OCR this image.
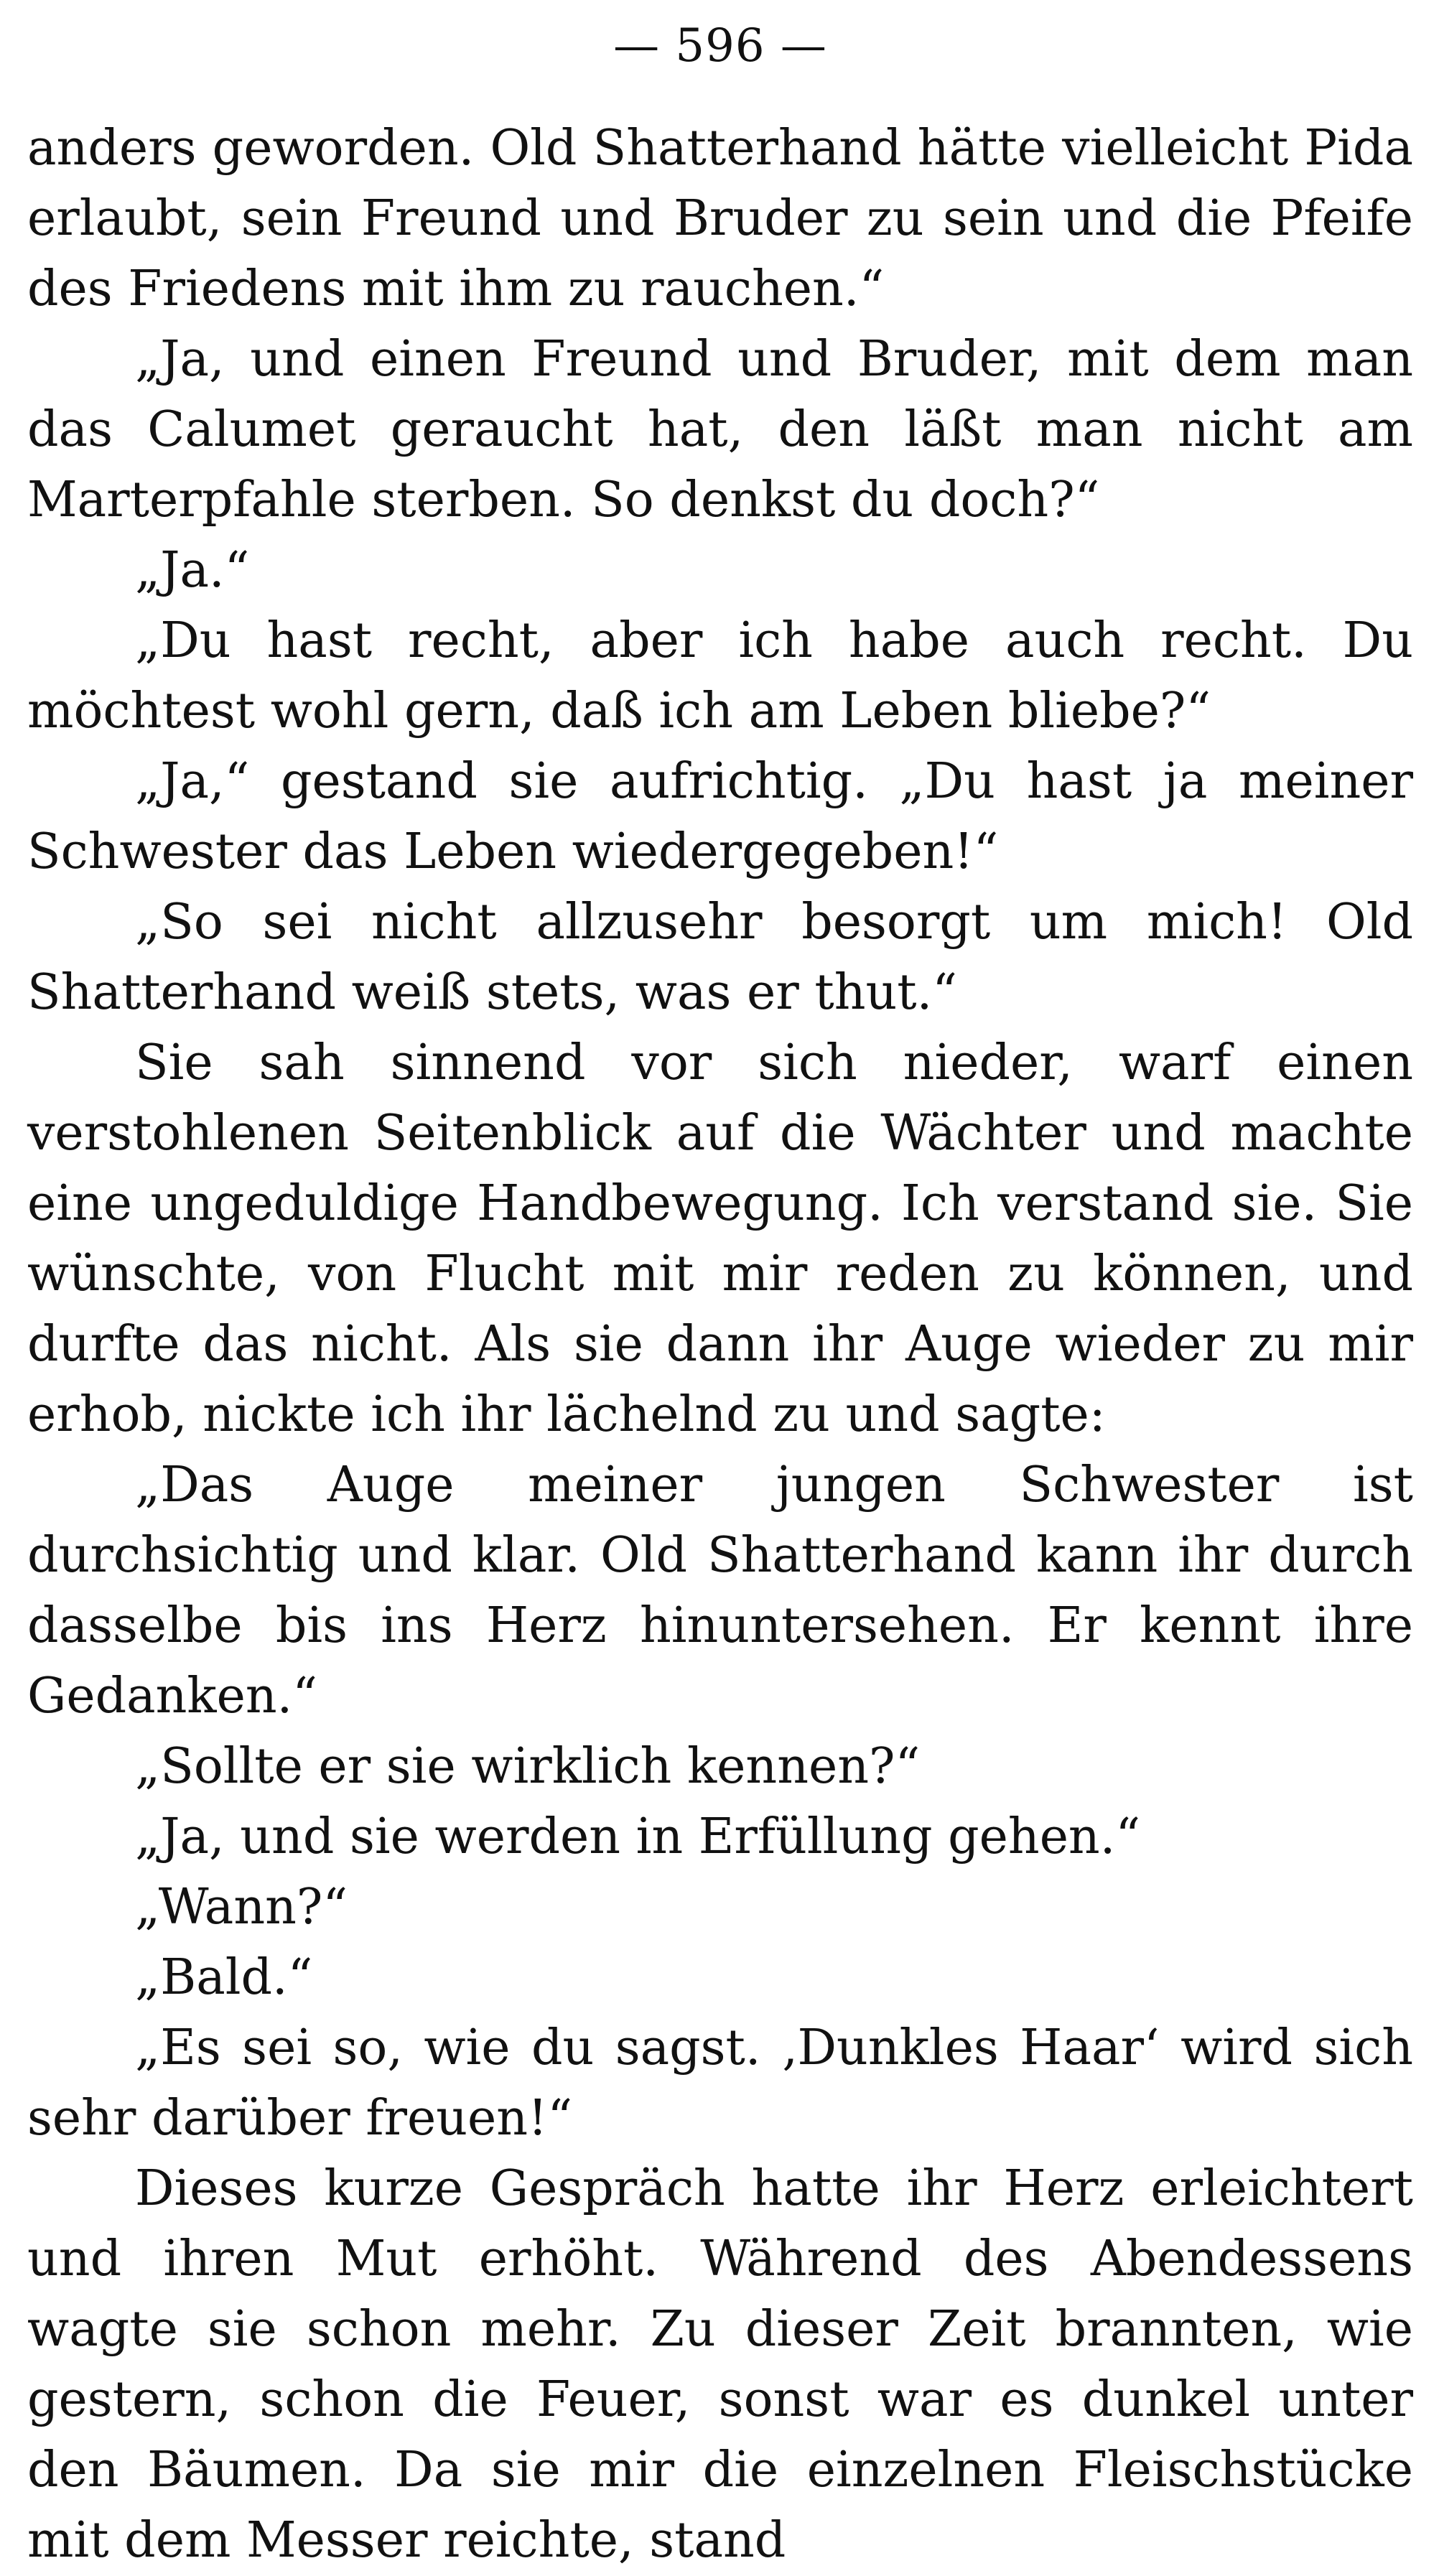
— 596 —

anders geworden. Old Shatterhand hätte vielleicht Pida erlaubt, sein Freund und Bruder zu sein und die Pfeife des Friedens mit ihm zu rauchen.“

„Ja, und einen Freund und Bruder, mit dem man das Calumet geraucht hat, den läßt man nicht am Marterpfahle sterben. So denkst du doch?“

„Ja.“

„Du hast recht, aber ich habe auch recht. Du möchtest wohl gern, daß ich am Leben bliebe?“

„Ja,“ gestand sie aufrichtig. „Du hast ja meiner Schwester das Leben wiedergegeben!“

„So sei nicht allzusehr besorgt um mich! Old Shatterhand weiß stets, was er thut.“

Sie sah sinnend vor sich nieder, warf einen verstohlenen Seitenblick auf die Wächter und machte eine ungeduldige Handbewegung. Ich verstand sie. Sie wünschte, von Flucht mit mir reden zu können, und durfte das nicht. Als sie dann ihr Auge wieder zu mir erhob, nickte ich ihr lächelnd zu und sagte:

„Das Auge meiner jungen Schwester ist durchsichtig und klar. Old Shatterhand kann ihr durch dasselbe bis ins Herz hinuntersehen. Er kennt ihre Gedanken.“

„Sollte er sie wirklich kennen?“

„Ja, und sie werden in Erfüllung gehen.“

„Wann?“

„Bald.“

„Es sei so, wie du sagst. ‚Dunkles Haar‘ wird sich sehr darüber freuen!“

Dieses kurze Gespräch hatte ihr Herz erleichtert und ihren Mut erhöht. Während des Abendessens wagte sie schon mehr. Zu dieser Zeit brannten, wie gestern, schon die Feuer, sonst war es dunkel unter den Bäumen. Da sie mir die einzelnen Fleischstücke mit dem Messer reichte, stand
